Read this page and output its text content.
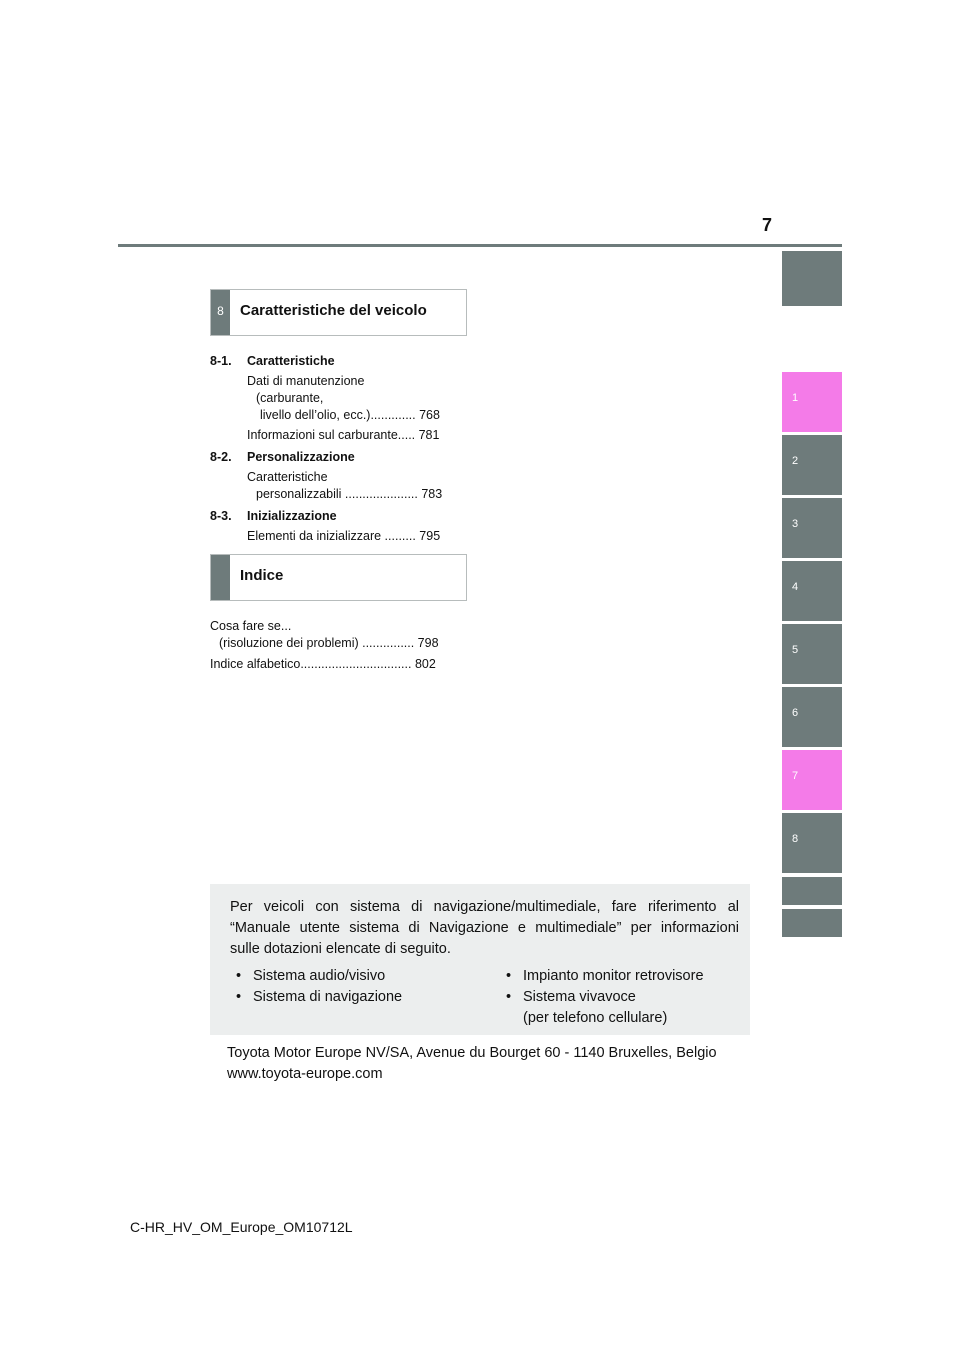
7
1
2
3
4
5
6
7
8
8	Caratteristiche del veicolo
8-1. Caratteristiche
Dati di manutenzione
(carburante,
livello dell’olio, ecc.)............. 768
Informazioni sul carburante..... 781
8-2. Personalizzazione
Caratteristiche
personalizzabili ..................... 783
8-3. Inizializzazione
Elementi da inizializzare ......... 795
Indice
Cosa fare se...
(risoluzione dei problemi) ............... 798
Indice alfabetico................................ 802
Per veicoli con sistema di navigazione/multimediale, fare riferimento al
“Manuale utente sistema di Navigazione e multimediale” per informazioni
sulle dotazioni elencate di seguito.
• Sistema audio/visivo
• Sistema di navigazione
• Impianto monitor retrovisore
• Sistema vivavoce
(per telefono cellulare)
Toyota Motor Europe NV/SA, Avenue du Bourget 60 - 1140 Bruxelles, Belgio
www.toyota-europe.com
C-HR_HV_OM_Europe_OM10712L
